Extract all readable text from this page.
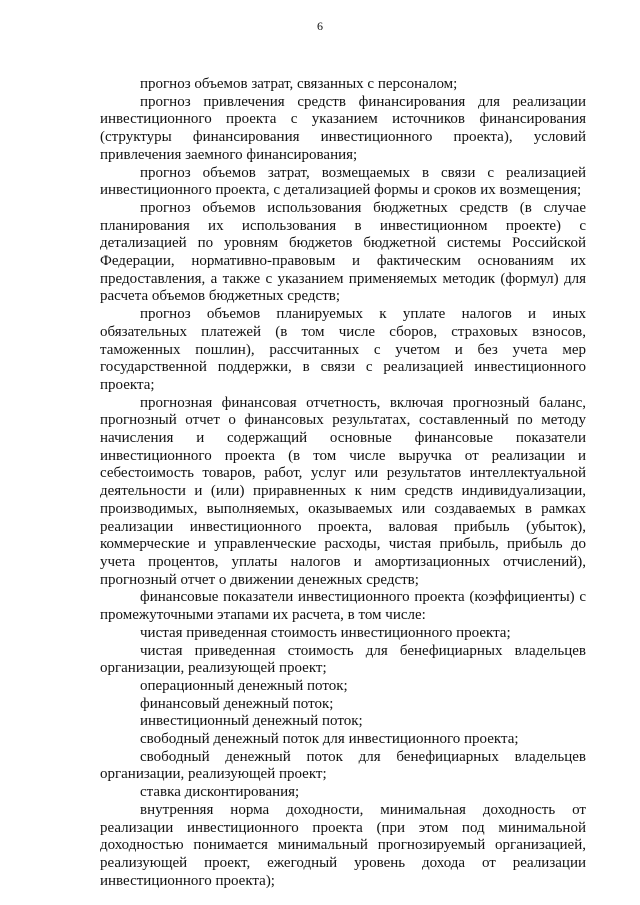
6

прогноз объемов затрат, связанных с персоналом;

прогноз привлечения средств финансирования для реализации инвестиционного проекта с указанием источников финансирования (структуры финансирования инвестиционного проекта), условий привлечения заемного финансирования;

прогноз объемов затрат, возмещаемых в связи с реализацией инвестиционного проекта, с детализацией формы и сроков их возмещения;

прогноз объемов использования бюджетных средств (в случае планирования их использования в инвестиционном проекте) с детализацией по уровням бюджетов бюджетной системы Российской Федерации, нормативно-правовым и фактическим основаниям их предоставления, а также с указанием применяемых методик (формул) для расчета объемов бюджетных средств;

прогноз объемов планируемых к уплате налогов и иных обязательных платежей (в том числе сборов, страховых взносов, таможенных пошлин), рассчитанных с учетом и без учета мер государственной поддержки, в связи с реализацией инвестиционного проекта;

прогнозная финансовая отчетность, включая прогнозный баланс, прогнозный отчет о финансовых результатах, составленный по методу начисления и содержащий основные финансовые показатели инвестиционного проекта (в том числе выручка от реализации и себестоимость товаров, работ, услуг или результатов интеллектуальной деятельности и (или) приравненных к ним средств индивидуализации, производимых, выполняемых, оказываемых или создаваемых в рамках реализации инвестиционного проекта, валовая прибыль (убыток), коммерческие и управленческие расходы, чистая прибыль, прибыль до учета процентов, уплаты налогов и амортизационных отчислений), прогнозный отчет о движении денежных средств;

финансовые показатели инвестиционного проекта (коэффициенты) с промежуточными этапами их расчета, в том числе:

чистая приведенная стоимость инвестиционного проекта;

чистая приведенная стоимость для бенефициарных владельцев организации, реализующей проект;

операционный денежный поток;

финансовый денежный поток;

инвестиционный денежный поток;

свободный денежный поток для инвестиционного проекта;

свободный денежный поток для бенефициарных владельцев организации, реализующей проект;

ставка дисконтирования;

внутренняя норма доходности, минимальная доходность от реализации инвестиционного проекта (при этом под минимальной доходностью понимается минимальный прогнозируемый организацией, реализующей проект, ежегодный уровень дохода от реализации инвестиционного проекта);
